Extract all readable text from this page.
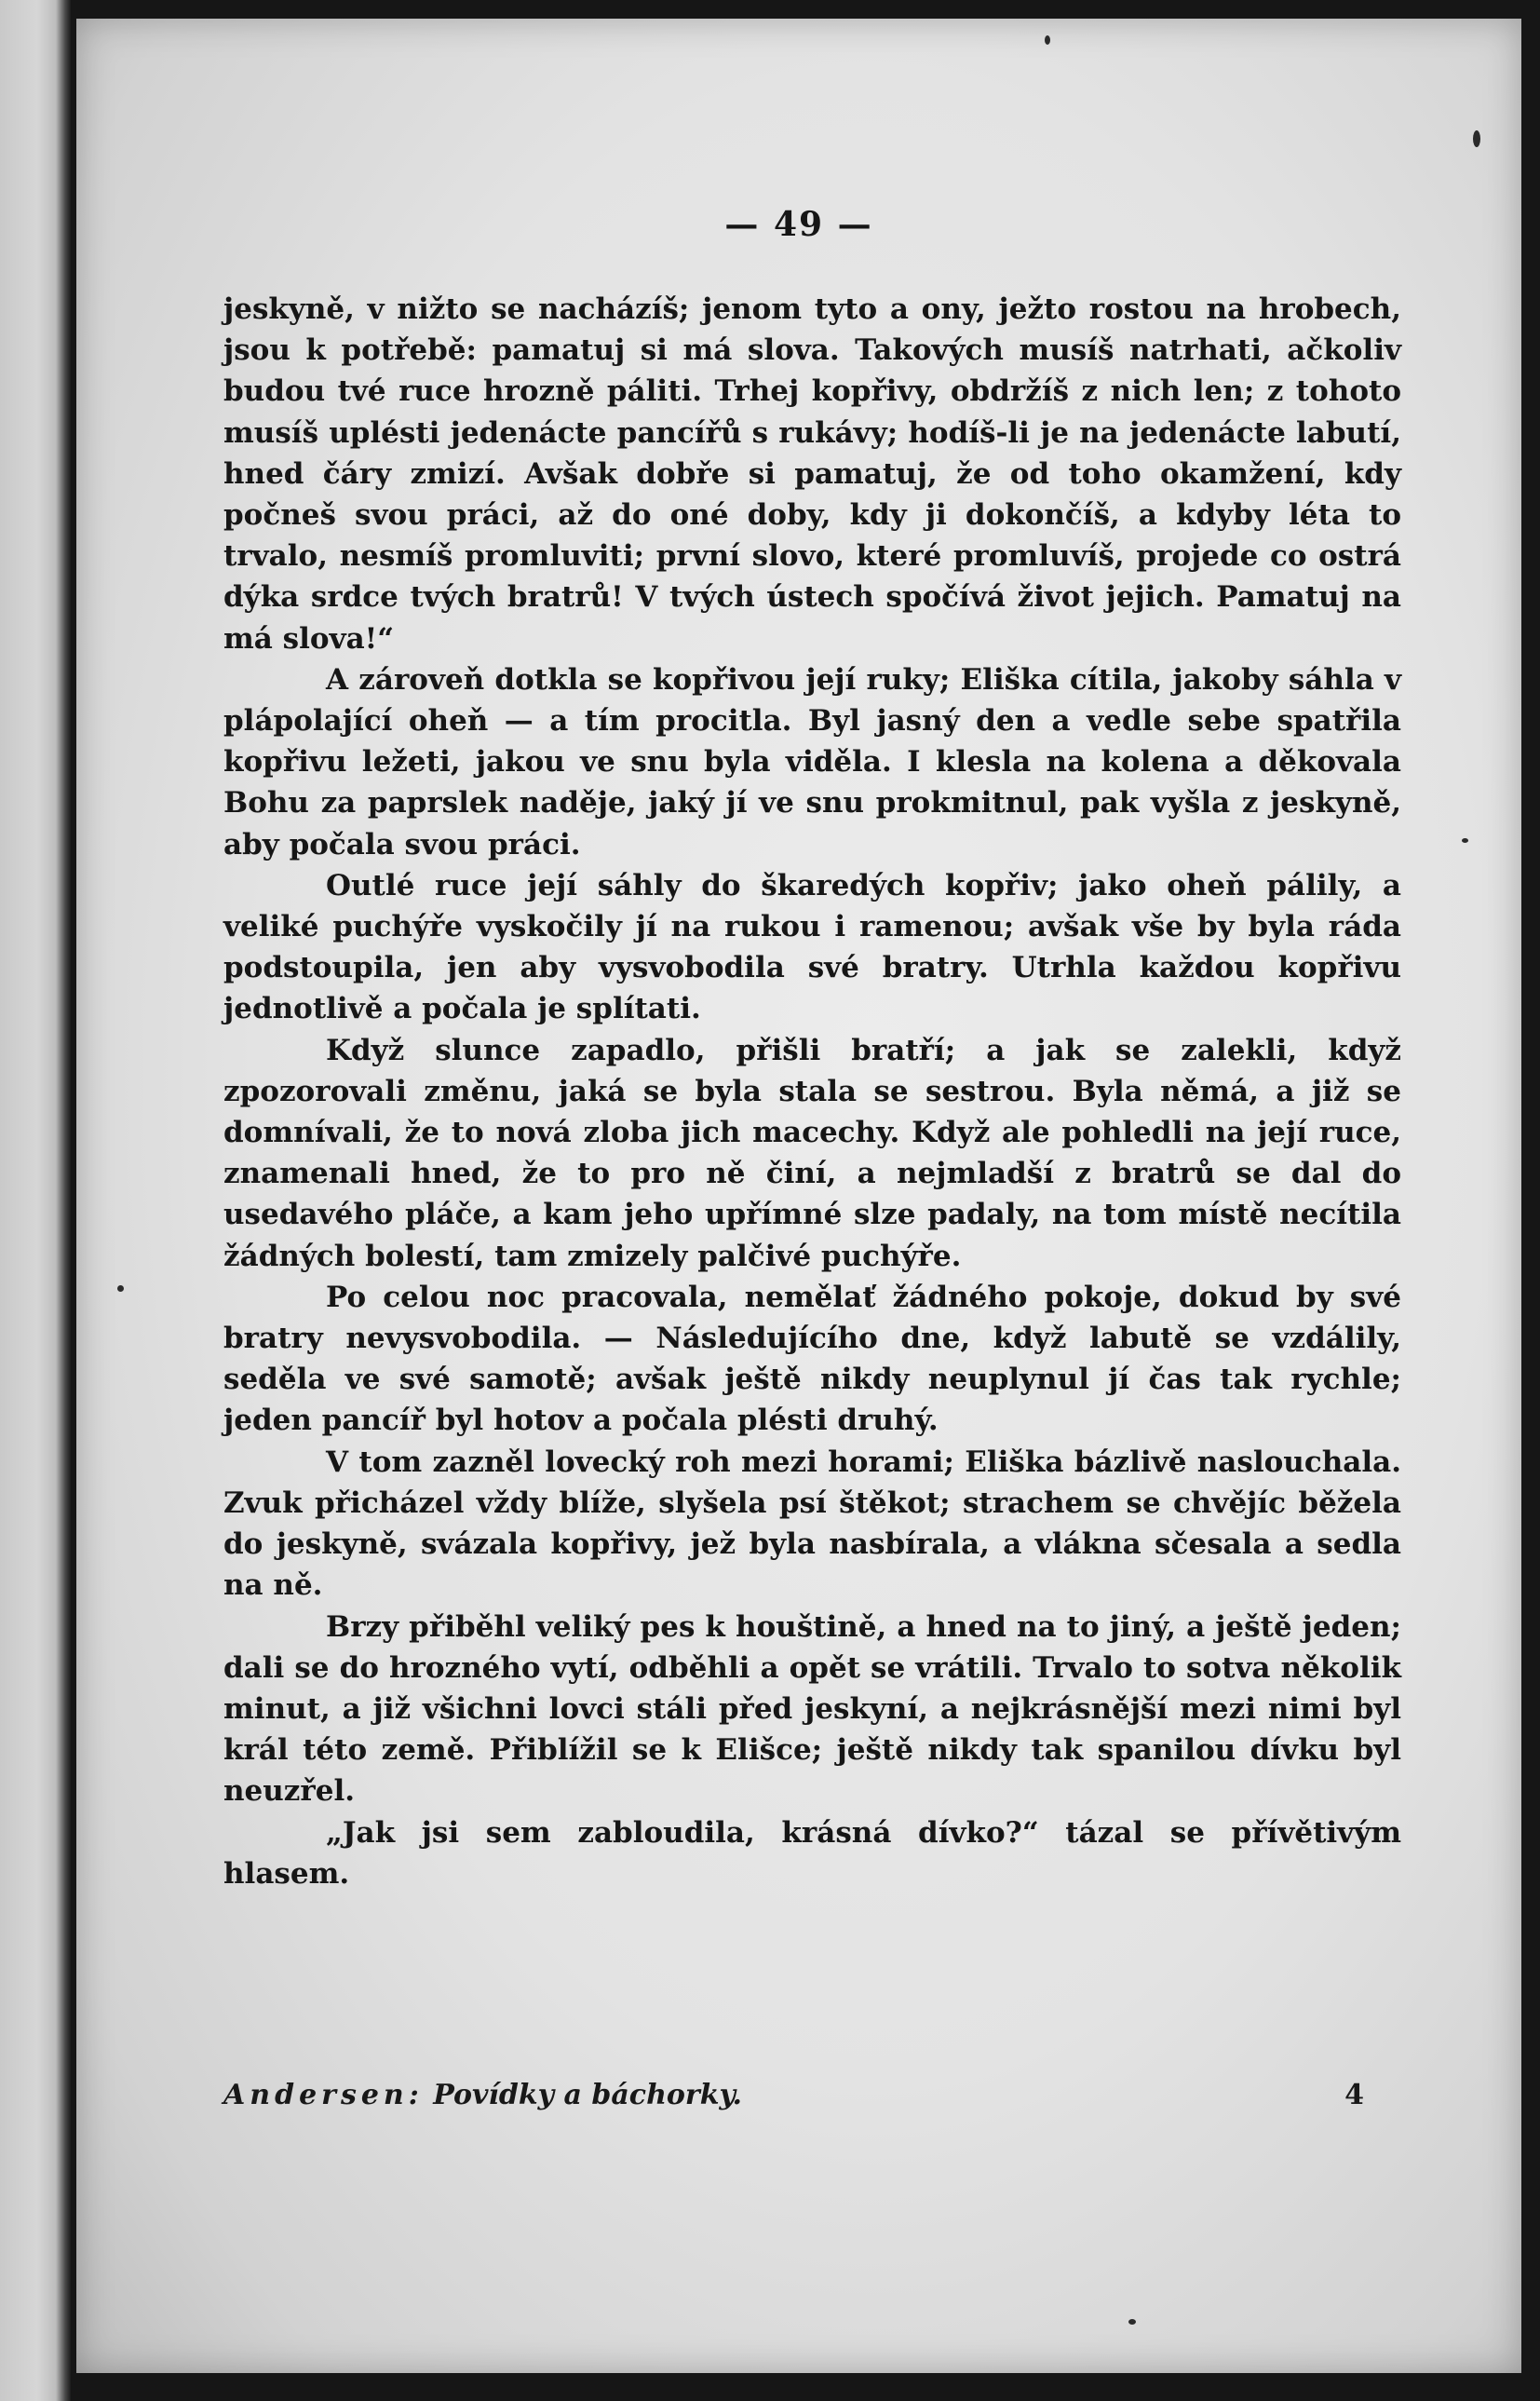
— 49 —

jeskyně, v nižto se nacházíš; jenom tyto a ony, ježto rostou na hrobech, jsou k potřebě: pamatuj si má slova. Takových musíš natrhati, ačkoliv budou tvé ruce hrozně páliti. Trhej kopřivy, obdržíš z nich len; z tohoto musíš uplésti jedenácte pancířů s rukávy; hodíš-li je na jedenácte labutí, hned čáry zmizí. Avšak dobře si pamatuj, že od toho okamžení, kdy počneš svou práci, až do oné doby, kdy ji dokončíš, a kdyby léta to trvalo, nesmíš promluviti; první slovo, které promluvíš, projede co ostrá dýka srdce tvých bratrů! V tvých ústech spočívá život jejich. Pamatuj na má slova!“

A zároveň dotkla se kopřivou její ruky; Eliška cítila, jakoby sáhla v plápolající oheň — a tím procitla. Byl jasný den a vedle sebe spatřila kopřivu ležeti, jakou ve snu byla viděla. I klesla na kolena a děkovala Bohu za paprslek naděje, jaký jí ve snu prokmitnul, pak vyšla z jeskyně, aby počala svou práci.

Outlé ruce její sáhly do škaredých kopřiv; jako oheň pálily, a veliké puchýře vyskočily jí na rukou i ramenou; avšak vše by byla ráda podstoupila, jen aby vysvobodila své bratry. Utrhla každou kopřivu jednotlivě a počala je splítati.

Když slunce zapadlo, přišli bratří; a jak se zalekli, když zpozorovali změnu, jaká se byla stala se sestrou. Byla němá, a již se domnívali, že to nová zloba jich macechy. Když ale pohledli na její ruce, znamenali hned, že to pro ně činí, a nejmladší z bratrů se dal do usedavého pláče, a kam jeho upřímné slze padaly, na tom místě necítila žádných bolestí, tam zmizely palčivé puchýře.

Po celou noc pracovala, nemělať žádného pokoje, dokud by své bratry nevysvobodila. — Následujícího dne, když labutě se vzdálily, seděla ve své samotě; avšak ještě nikdy neuplynul jí čas tak rychle; jeden pancíř byl hotov a počala plésti druhý.

V tom zazněl lovecký roh mezi horami; Eliška bázlivě naslouchala. Zvuk přicházel vždy blíže, slyšela psí štěkot; strachem se chvějíc běžela do jeskyně, svázala kopřivy, jež byla nasbírala, a vlákna sčesala a sedla na ně.

Brzy přiběhl veliký pes k houštině, a hned na to jiný, a ještě jeden; dali se do hrozného vytí, odběhli a opět se vrátili. Trvalo to sotva několik minut, a již všichni lovci stáli před jeskyní, a nejkrásnější mezi nimi byl král této země. Přiblížil se k Elišce; ještě nikdy tak spanilou dívku byl neuzřel.

„Jak jsi sem zabloudila, krásná dívko?“ tázal se přívětivým hlasem.

Andersen: Povídky a báchorky.	4
